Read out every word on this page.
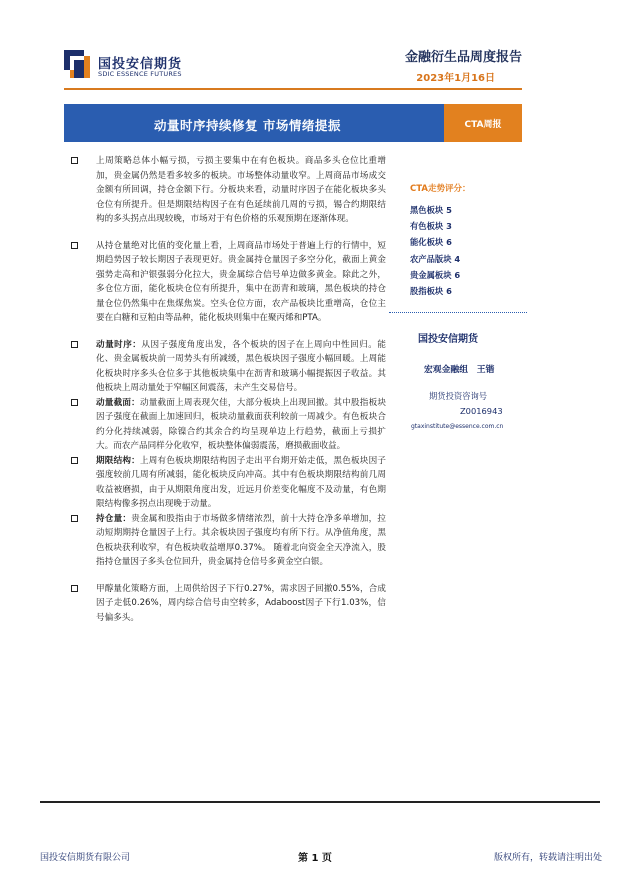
国投安信期货
SDIC ESSENCE FUTURES
金融衍生品周度报告
2023年1月16日
动量时序持续修复 市场情绪提振	CTA周报
上周策略总体小幅亏损，亏损主要集中在有色板块。商品多头仓位比重增加，贵金属仍然是看多较多的板块。市场整体动量收窄。上周商品市场成交金额有所回调，持仓金额下行。分板块来看，动量时序因子在能化板块多头仓位有所提升。但是期限结构因子在有色延续前几周的亏损，锡合约期限结构的多头拐点出现较晚，市场对于有色价格的乐观预期在逐渐体现。
从持仓量绝对比值的变化量上看，上周商品市场处于普遍上行的行情中，短期趋势因子较长期因子表现更好。贵金属持仓量因子多空分化，截面上黄金强势走高和沪银强弱分化拉大，贵金属综合信号单边做多黄金。除此之外，多仓位方面，能化板块仓位有所提升，集中在沥青和玻璃，黑色板块的持仓量仓位仍然集中在焦煤焦炭。空头仓位方面，农产品板块比重增高，仓位主要在白糖和豆粕由等品种，能化板块则集中在聚丙烯和PTA。
动量时序：从因子强度角度出发，各个板块的因子在上周向中性回归。能化、贵金属板块前一周势头有所减缓，黑色板块因子强度小幅回暖。上周能化板块时序多头仓位多于其他板块集中在沥青和玻璃小幅提振因子收益。其他板块上周动量处于窄幅区间震荡，未产生交易信号。
动量截面：动量截面上周表现欠佳，大部分板块上出现回撤。其中股指板块因子强度在截面上加速回归，板块动量截面获利较前一周减少。有色板块合约分化持续减弱，除镍合约其余合约均呈现单边上行趋势，截面上亏损扩大。而农产品同样分化收窄，板块整体偏弱震荡，磨损截面收益。
期限结构：上周有色板块期限结构因子走出平台期开始走低，黑色板块因子强度较前几周有所减弱，能化板块反向冲高。其中有色板块期限结构前几周收益被磨损，由于从期限角度出发，近远月价差变化幅度不及动量，有色期限结构像多拐点出现晚于动量。
持仓量：贵金属和股指由于市场做多情绪浓烈，前十大持仓净多单增加，拉动短期期持仓量因子上行。其余板块因子强度均有所下行。从净值角度，黑色板块获利收窄，有色板块收益增厚0.37%。 随着北向资金全天净流入，股指持仓量因子多头仓位回升，贵金属持仓信号多黄金空白银。
甲醇量化策略方面，上周供给因子下行0.27%，需求因子回撤0.55%，合成因子走低0.26%，周内综合信号由空转多，Adaboost因子下行1.03%，信号偏多头。
CTA走势评分：
黑色板块 5
有色板块 3
能化板块 6
农产品版块 4
贵金属板块 6
股指板块 6
国投安信期货
宏观金融组　王锴
期货投资咨询号
Z0016943
gtaxinstitute@essence.com.cn
国投安信期货有限公司	第 1 页	版权所有，转载请注明出处
